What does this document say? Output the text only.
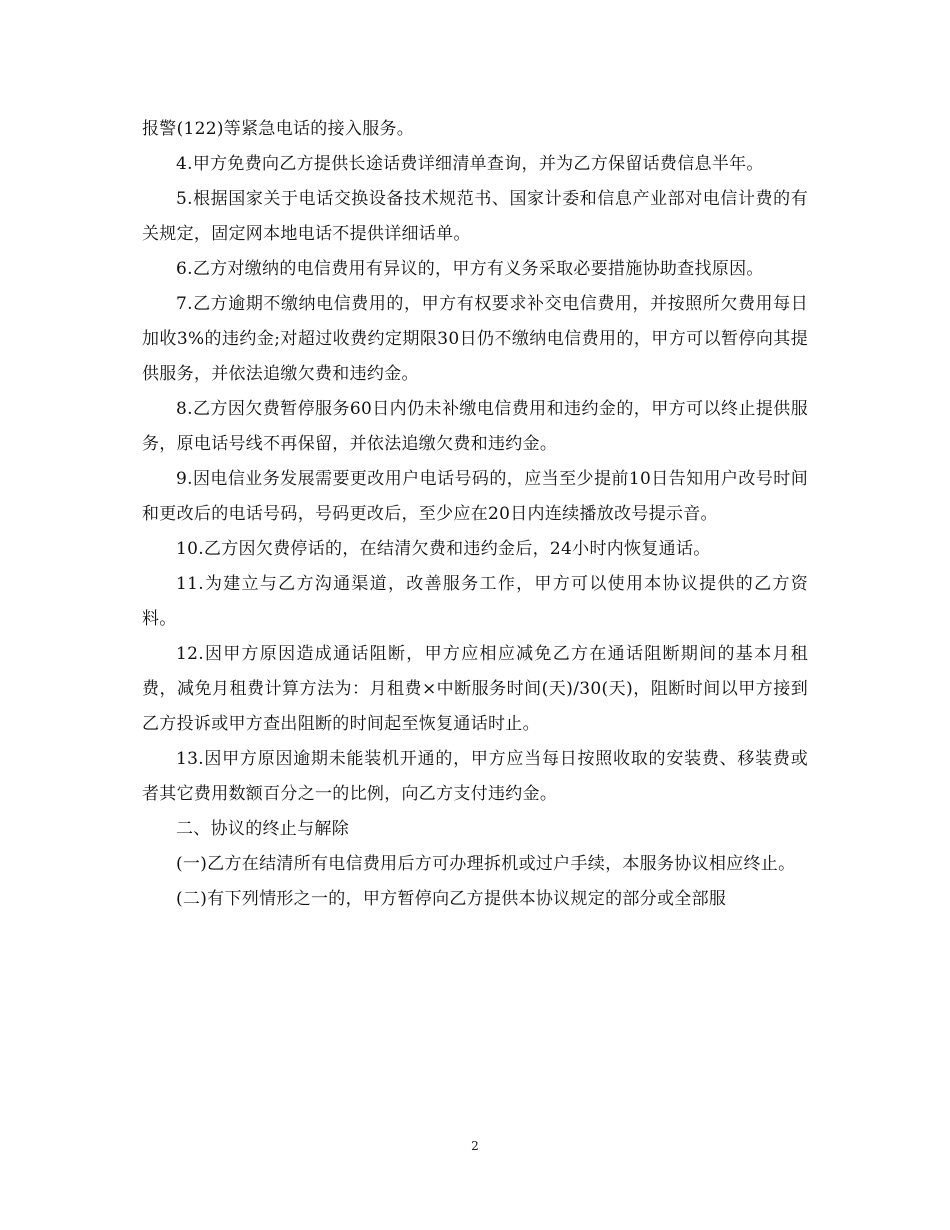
报警(122)等紧急电话的接入服务。

4.甲方免费向乙方提供长途话费详细清单查询，并为乙方保留话费信息半年。

5.根据国家关于电话交换设备技术规范书、国家计委和信息产业部对电信计费的有关规定，固定网本地电话不提供详细话单。

6.乙方对缴纳的电信费用有异议的，甲方有义务采取必要措施协助查找原因。

7.乙方逾期不缴纳电信费用的，甲方有权要求补交电信费用，并按照所欠费用每日加收3%的违约金;对超过收费约定期限30日仍不缴纳电信费用的，甲方可以暂停向其提供服务，并依法追缴欠费和违约金。

8.乙方因欠费暂停服务60日内仍未补缴电信费用和违约金的，甲方可以终止提供服务，原电话号线不再保留，并依法追缴欠费和违约金。

9.因电信业务发展需要更改用户电话号码的，应当至少提前10日告知用户改号时间和更改后的电话号码，号码更改后，至少应在20日内连续播放改号提示音。

10.乙方因欠费停话的，在结清欠费和违约金后，24小时内恢复通话。

11.为建立与乙方沟通渠道，改善服务工作，甲方可以使用本协议提供的乙方资料。

12.因甲方原因造成通话阻断，甲方应相应减免乙方在通话阻断期间的基本月租费，减免月租费计算方法为：月租费×中断服务时间(天)/30(天)，阻断时间以甲方接到乙方投诉或甲方查出阻断的时间起至恢复通话时止。

13.因甲方原因逾期未能装机开通的，甲方应当每日按照收取的安装费、移装费或者其它费用数额百分之一的比例，向乙方支付违约金。

二、协议的终止与解除

(一)乙方在结清所有电信费用后方可办理拆机或过户手续，本服务协议相应终止。

(二)有下列情形之一的，甲方暂停向乙方提供本协议规定的部分或全部服

2
